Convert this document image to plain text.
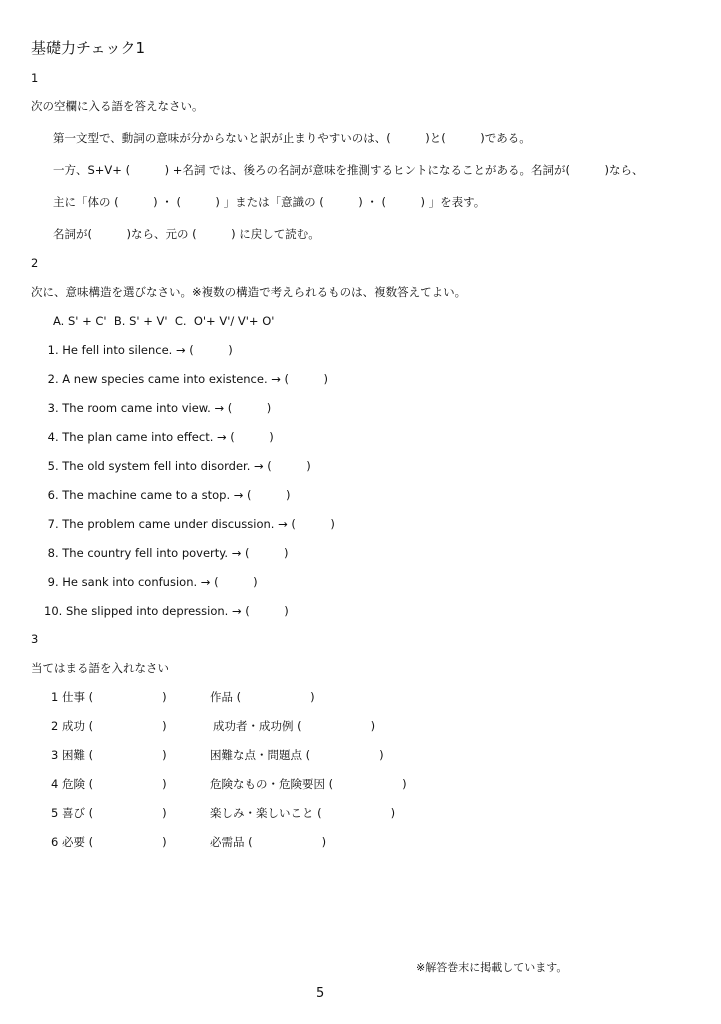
基礎力チェック1
1
次の空欄に入る語を答えなさい。
第一文型で、動詞の意味が分からないと訳が止まりやすいのは、(　　　)と(　　　)である。
一方、S+V+ (　　　) +名詞 では、後ろの名詞が意味を推測するヒントになることがある。名詞が(　　　)なら、
主に「体の (　　　) ・ (　　　) 」または「意識の (　　　) ・ (　　　) 」を表す。
名詞が(　　　)なら、元の (　　　) に戻して読む。
2
次に、意味構造を選びなさい。※複数の構造で考えられるものは、複数答えてよい。
A. S' + C'  B. S' + V'  C.  O'+ V'/ V'+ O'
1. He fell into silence. → (　　　)
2. A new species came into existence. → (　　　)
3. The room came into view. → (　　　)
4. The plan came into effect. → (　　　)
5. The old system fell into disorder. → (　　　)
6. The machine came to a stop. → (　　　)
7. The problem came under discussion. → (　　　)
8. The country fell into poverty. → (　　　)
9. He sank into confusion. → (　　　)
10. She slipped into depression. → (　　　)
3
当てはまる語を入れなさい
1 仕事 (　　　　　　)	作品 (　　　　　　)
2 成功 (　　　　　　)	成功者・成功例 (　　　　　　)
3 困難 (　　　　　　)	困難な点・問題点 (　　　　　　)
4 危険 (　　　　　　)	危険なもの・危険要因 (　　　　　　)
5 喜び (　　　　　　)	楽しみ・楽しいこと (　　　　　　)
6 必要 (　　　　　　)	必需品 (　　　　　　)
※解答巻末に掲載しています。
5
